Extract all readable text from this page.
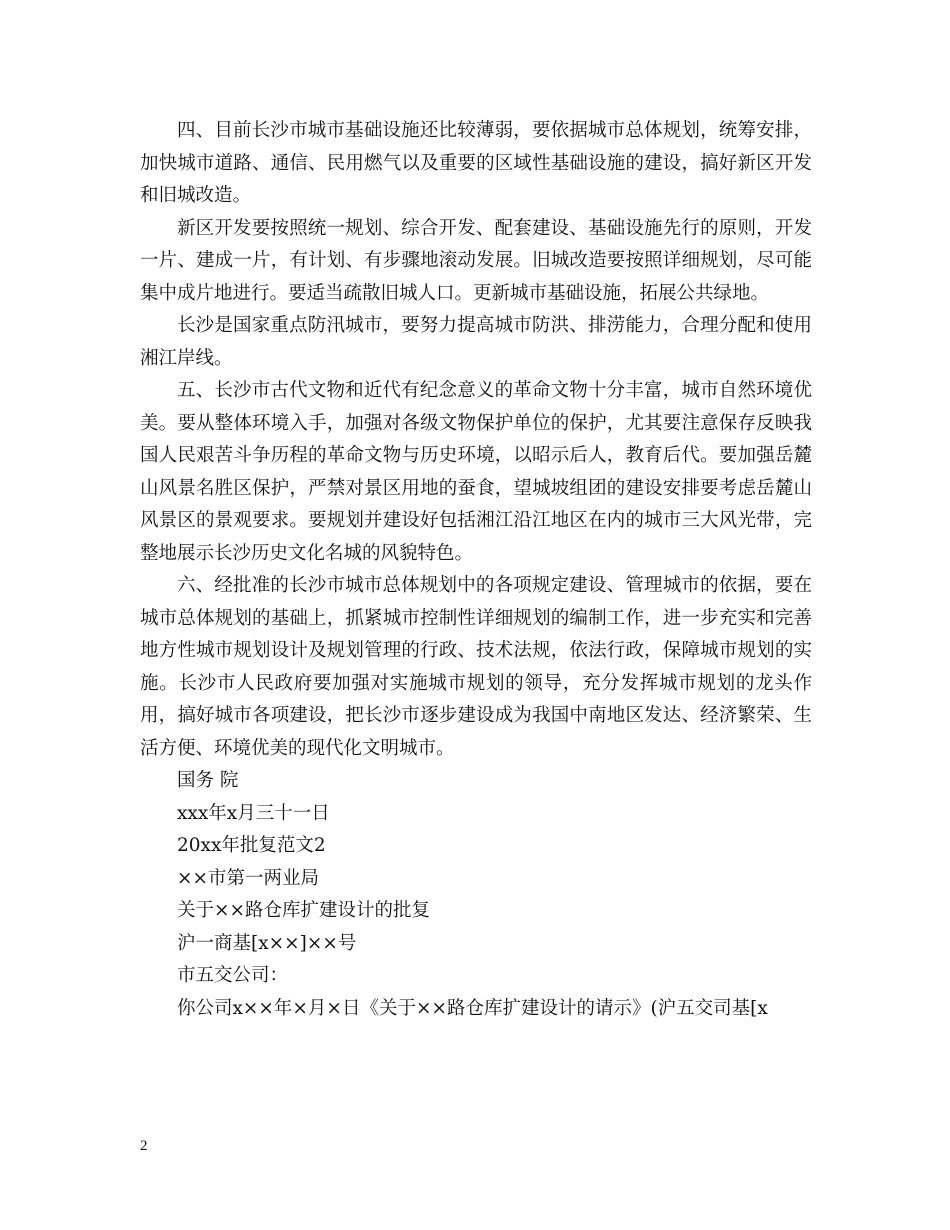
四、目前长沙市城市基础设施还比较薄弱，要依据城市总体规划，统筹安排，加快城市道路、通信、民用燃气以及重要的区域性基础设施的建设，搞好新区开发和旧城改造。

新区开发要按照统一规划、综合开发、配套建设、基础设施先行的原则，开发一片、建成一片，有计划、有步骤地滚动发展。旧城改造要按照详细规划，尽可能集中成片地进行。要适当疏散旧城人口。更新城市基础设施，拓展公共绿地。

长沙是国家重点防汛城市，要努力提高城市防洪、排涝能力，合理分配和使用湘江岸线。

五、长沙市古代文物和近代有纪念意义的革命文物十分丰富，城市自然环境优美。要从整体环境入手，加强对各级文物保护单位的保护，尤其要注意保存反映我国人民艰苦斗争历程的革命文物与历史环境，以昭示后人，教育后代。要加强岳麓山风景名胜区保护，严禁对景区用地的蚕食，望城坡组团的建设安排要考虑岳麓山风景区的景观要求。要规划并建设好包括湘江沿江地区在内的城市三大风光带，完整地展示长沙历史文化名城的风貌特色。

六、经批准的长沙市城市总体规划中的各项规定建设、管理城市的依据，要在城市总体规划的基础上，抓紧城市控制性详细规划的编制工作，进一步充实和完善地方性城市规划设计及规划管理的行政、技术法规，依法行政，保障城市规划的实施。长沙市人民政府要加强对实施城市规划的领导，充分发挥城市规划的龙头作用，搞好城市各项建设，把长沙市逐步建设成为我国中南地区发达、经济繁荣、生活方便、环境优美的现代化文明城市。

国务 院

xxx年x月三十一日

20xx年批复范文2

××市第一两业局

关于××路仓库扩建设计的批复

沪一商基[x××]××号

市五交公司：

你公司x××年×月×日《关于××路仓库扩建设计的请示》(沪五交司基[x

2
